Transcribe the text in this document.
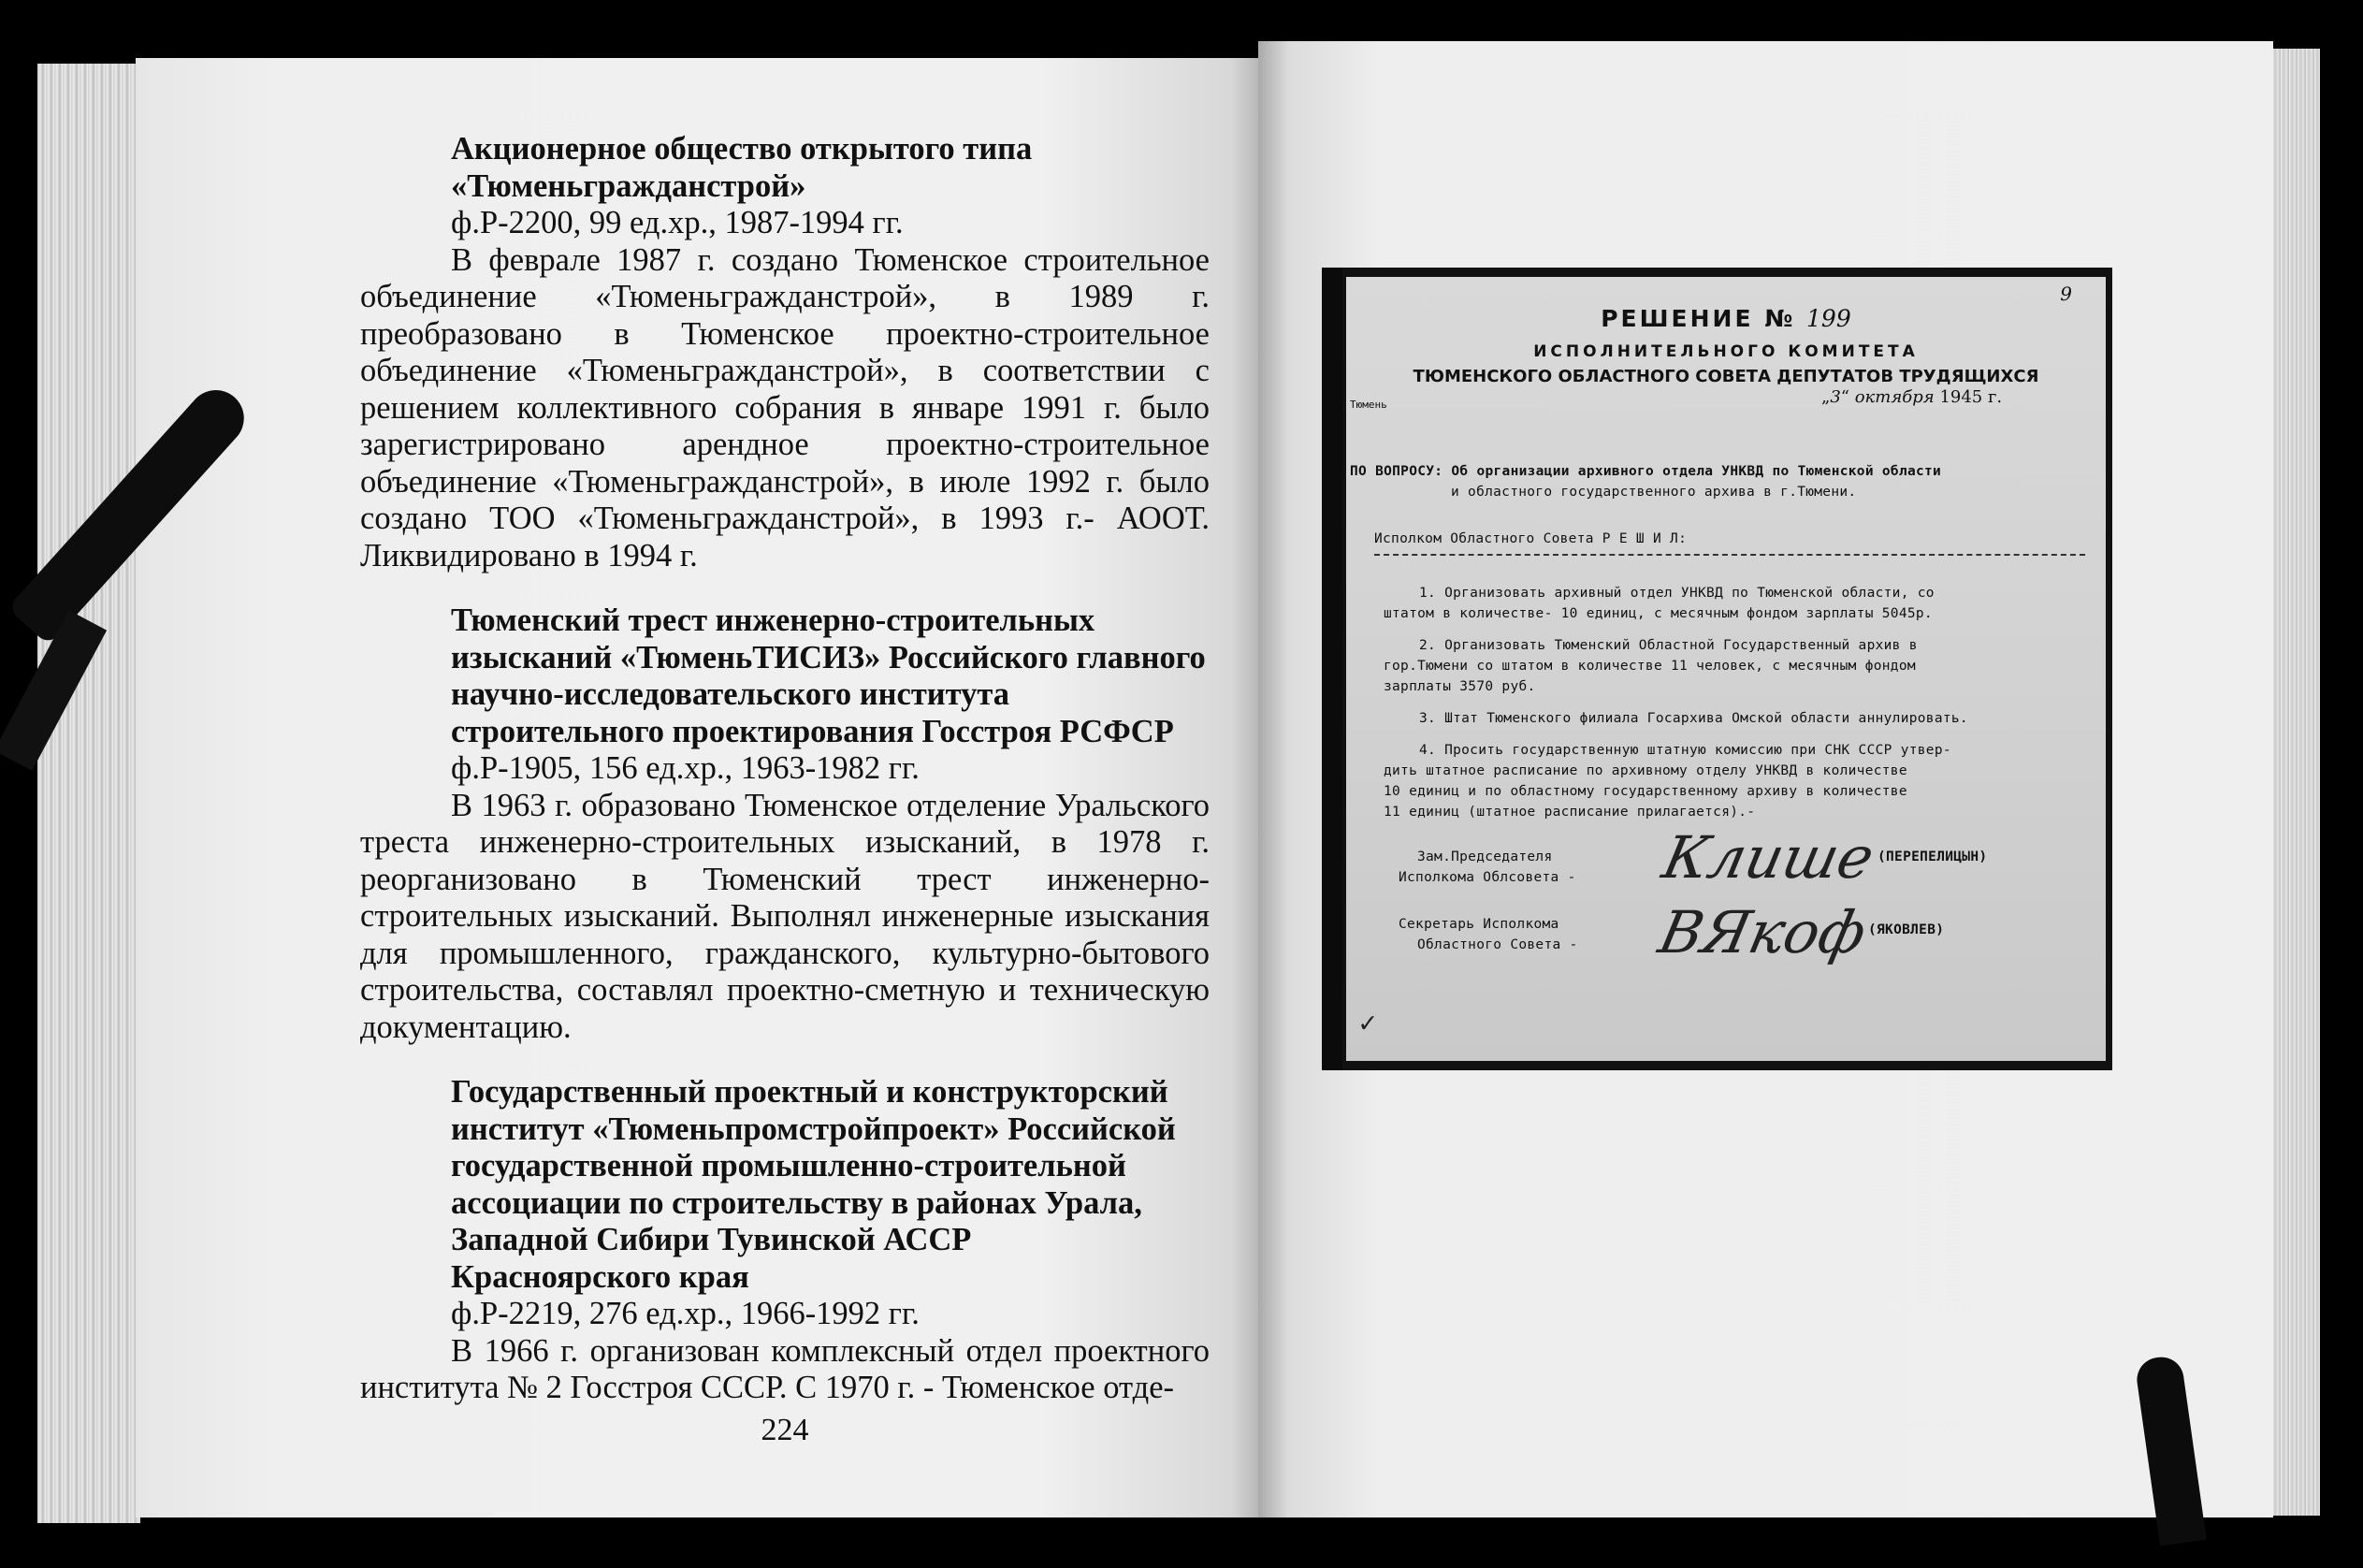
Акционерное общество открытого типа
«Тюменьгражданстрой»

ф.Р-2200, 99 ед.хр., 1987-1994 гг.

В феврале 1987 г. создано Тюменское строительное объединение «Тюменьгражданстрой», в 1989 г. преобразовано в Тюменское проектно-строительное объединение «Тюменьгражданстрой», в соответствии с решением коллективного собрания в январе 1991 г. было зарегистрировано арендное проектно-строительное объединение «Тюменьгражданстрой», в июле 1992 г. было создано ТОО «Тюменьгражданстрой», в 1993 г.- АООТ. Ликвидировано в 1994 г.

Тюменский трест инженерно-строительных
изысканий «ТюменьТИСИЗ» Российского главного
научно-исследовательского института
строительного проектирования Госстроя РСФСР

ф.Р-1905, 156 ед.хр., 1963-1982 гг.

В 1963 г. образовано Тюменское отделение Уральского треста инженерно-строительных изысканий, в 1978 г. реорганизовано в Тюменский трест инженерно-строительных изысканий. Выполнял инженерные изыскания для промышленного, гражданского, культурно-бытового строительства, составлял проектно-сметную и техническую документацию.

Государственный проектный и конструкторский
институт «Тюменьпромстройпроект» Российской
государственной промышленно-строительной
ассоциации по строительству в районах Урала,
Западной Сибири Тувинской АССР
Красноярского края

ф.Р-2219, 276 ед.хр., 1966-1992 гг.

В 1966 г. организован комплексный отдел проектного института № 2 Госстроя СССР. С 1970 г. - Тюменское отде-

224
9
РЕШЕНИЕ № 199
ИСПОЛНИТЕЛЬНОГО КОМИТЕТА
ТЮМЕНСКОГО ОБЛАСТНОГО СОВЕТА ДЕПУТАТОВ ТРУДЯЩИХСЯ
Тюмень	„3“ октября 1945 г.
ПО ВОПРОСУ: Об организации архивного отдела УНКВД по Тюменской области
и областного государственного архива в г.Тюмени.
Исполком Областного Совета Р Е Ш И Л:
1. Организовать архивный отдел УНКВД по Тюменской области, со
штатом в количестве- 10 единиц, с месячным фондом зарплаты 5045р.
2. Организовать Тюменский Областной Государственный архив в
гор.Тюмени со штатом в количестве 11 человек, с месячным фондом
зарплаты 3570 руб.
3. Штат Тюменского филиала Госархива Омской области аннулировать.
4. Просить государственную штатную комиссию при СНК СССР утвер-
дить штатное расписание по архивному отделу УНКВД в количестве
10 единиц и по областному государственному архиву в количестве
11 единиц (штатное расписание прилагается).-
Зам.Председателя
Исполкома Облсовета - Клише
(ПЕРЕПЕЛИЦЫН)
Секретарь Исполкома
Областного Совета - ВЯкоф
(ЯКОВЛЕВ)
✓
